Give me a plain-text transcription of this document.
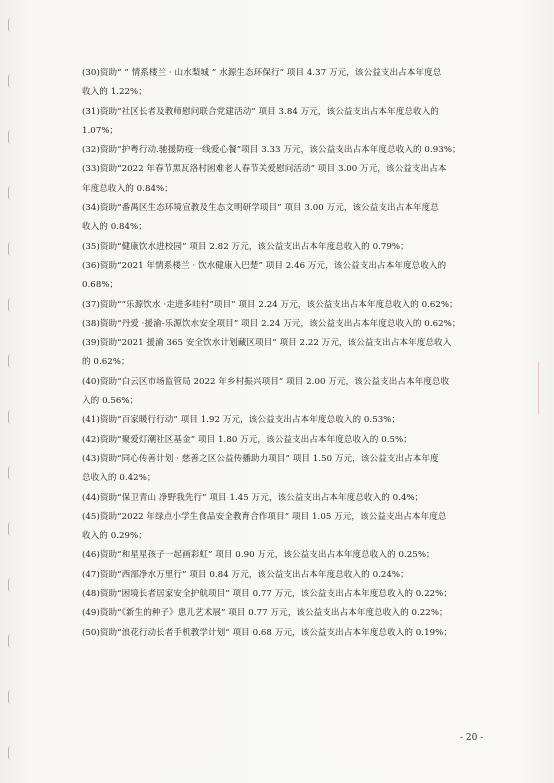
(30)资助“ ” 情系楼兰 · 山水梨城 ” 水源生态环保行” 项目 4.37 万元，该公益支出占本年度总
收入的 1.22%；

(31)资助“社区长者及教师慰问联合党建活动” 项目 3.84 万元，该公益支出占本年度总收入的
1.07%；

(32)资助“护粤行动.驰援防疫一线爱心餐”项目 3.33 万元，该公益支出占本年度总收入的 0.93%；

(33)资助“2022 年春节黑瓦洛村困难老人春节关爱慰问活动” 项目 3.00 万元，该公益支出占本
年度总收入的 0.84%；

(34)资助“番禺区生态环境宣教及生态文明研学项目” 项目 3.00 万元，该公益支出占本年度总
收入的 0.84%；

(35)资助“健康饮水进校园” 项目 2.82 万元，该公益支出占本年度总收入的 0.79%；

(36)资助“2021 年情系楼兰 · 饮水健康入巴楚” 项目 2.46 万元，该公益支出占本年度总收入的
0.68%；

(37)资助“”乐源饮水 ·走进多哇村”项目” 项目 2.24 万元，该公益支出占本年度总收入的 0.62%；

(38)资助“丹爱 ·援渝-乐源饮水安全项目” 项目 2.24 万元，该公益支出占本年度总收入的 0.62%；

(39)资助“2021 援渝 365 安全饮水计划藏区项目” 项目 2.22 万元，该公益支出占本年度总收入
的 0.62%；

(40)资助“白云区市场监管局 2022 年乡村振兴项目” 项目 2.00 万元，该公益支出占本年度总收
入的 0.56%；

(41)资助“百家暖行行动” 项目 1.92 万元，该公益支出占本年度总收入的 0.53%；

(42)资助“聚爱灯潮社区基金” 项目 1.80 万元，该公益支出占本年度总收入的 0.5%；

(43)资助“同心传善计划 · 慈善之区公益传播助力项目” 项目 1.50 万元，该公益支出占本年度
总收入的 0.42%；

(44)资助“保卫青山 净野我先行” 项目 1.45 万元，该公益支出占本年度总收入的 0.4%；

(45)资助“2022 年绿点小学生食品安全教育合作项目” 项目 1.05 万元，该公益支出占本年度总
收入的 0.29%；

(46)资助“和星星孩子一起画彩虹” 项目 0.90 万元，该公益支出占本年度总收入的 0.25%；

(47)资助“西部净水万里行” 项目 0.84 万元，该公益支出占本年度总收入的 0.24%；

(48)资助“困境长者居家安全护航项目” 项目 0.77 万元，该公益支出占本年度总收入的 0.22%；

(49)资助“《新生的种子》患儿艺术展” 项目 0.77 万元，该公益支出占本年度总收入的 0.22%；

(50)资助“浪花行动长者手机教学计划” 项目 0.68 万元，该公益支出占本年度总收入的 0.19%；

- 20 -
